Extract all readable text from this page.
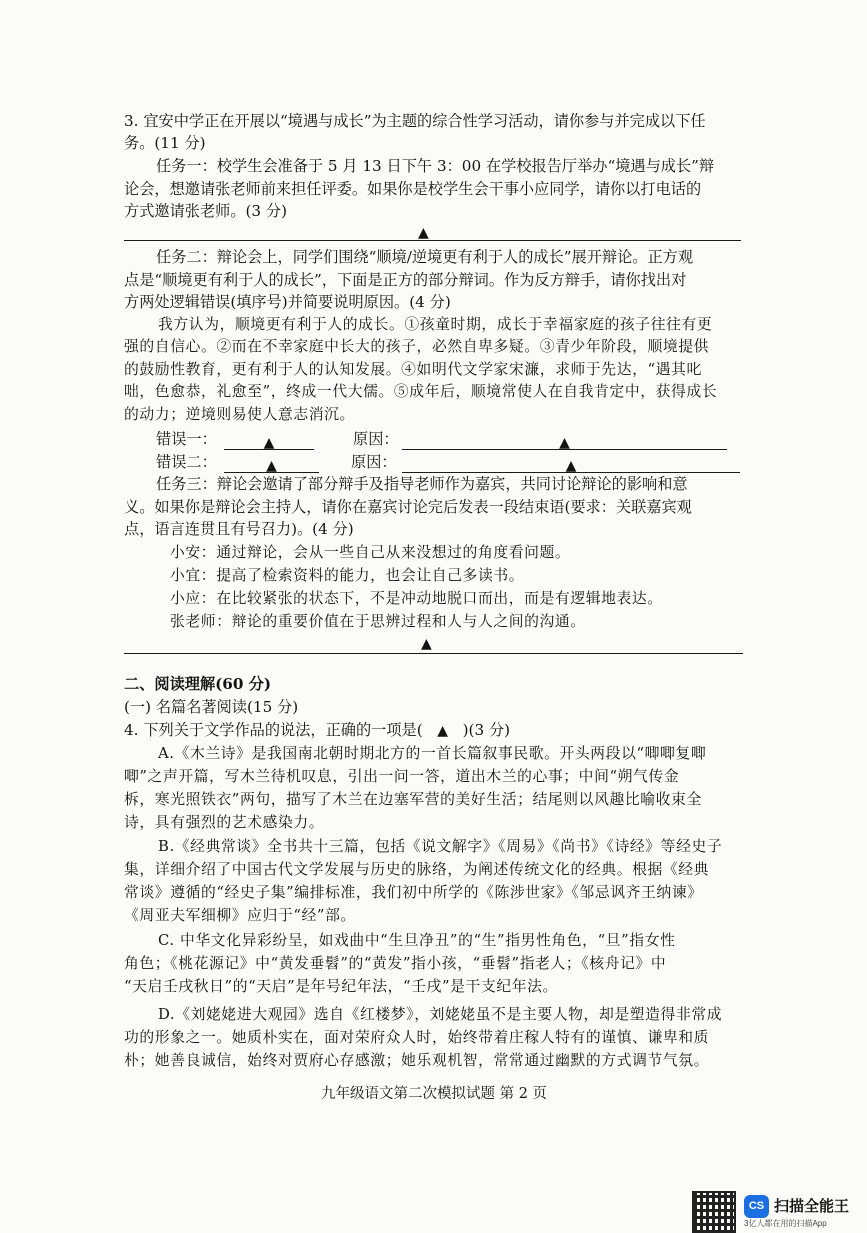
3. 宜安中学正在开展以“境遇与成长”为主题的综合性学习活动，请你参与并完成以下任
务。(11 分)
任务一：校学生会准备于 5 月 13 日下午 3：00 在学校报告厅举办“境遇与成长”辩
论会，想邀请张老师前来担任评委。如果你是校学生会干事小应同学，请你以打电话的
方式邀请张老师。(3 分)
▲
任务二：辩论会上，同学们围绕“顺境/逆境更有利于人的成长”展开辩论。正方观
点是“顺境更有利于人的成长”，下面是正方的部分辩词。作为反方辩手，请你找出对
方两处逻辑错误(填序号)并简要说明原因。(4 分)
我方认为，顺境更有利于人的成长。①孩童时期，成长于幸福家庭的孩子往往有更
强的自信心。②而在不幸家庭中长大的孩子，必然自卑多疑。③青少年阶段，顺境提供
的鼓励性教育，更有利于人的认知发展。④如明代文学家宋濂，求师于先达，“遇其叱
咄，色愈恭，礼愈至”，终成一代大儒。⑤成年后，顺境常使人在自我肯定中，获得成长
的动力；逆境则易使人意志消沉。
错误一：	▲	原因：	▲
错误二：	▲	原因：	▲
任务三：辩论会邀请了部分辩手及指导老师作为嘉宾，共同讨论辩论的影响和意
义。如果你是辩论会主持人，请你在嘉宾讨论完后发表一段结束语(要求：关联嘉宾观
点，语言连贯且有号召力)。(4 分)
小安：通过辩论，会从一些自己从来没想过的角度看问题。
小宜：提高了检索资料的能力，也会让自己多读书。
小应：在比较紧张的状态下，不是冲动地脱口而出，而是有逻辑地表达。
张老师：辩论的重要价值在于思辨过程和人与人之间的沟通。
▲
二、阅读理解(60 分)
(一) 名篇名著阅读(15 分)
4. 下列关于文学作品的说法，正确的一项是( ▲ )(3 分)
A.《木兰诗》是我国南北朝时期北方的一首长篇叙事民歌。开头两段以“唧唧复唧
唧”之声开篇，写木兰待机叹息，引出一问一答，道出木兰的心事；中间“朔气传金
柝，寒光照铁衣”两句，描写了木兰在边塞军营的美好生活；结尾则以风趣比喻收束全
诗，具有强烈的艺术感染力。
B.《经典常谈》全书共十三篇，包括《说文解字》《周易》《尚书》《诗经》等经史子
集，详细介绍了中国古代文学发展与历史的脉络，为阐述传统文化的经典。根据《经典
常谈》遵循的“经史子集”编排标准，我们初中所学的《陈涉世家》《邹忌讽齐王纳谏》
《周亚夫军细柳》应归于“经”部。
C. 中华文化异彩纷呈，如戏曲中“生旦净丑”的“生”指男性角色，“旦”指女性
角色；《桃花源记》中“黄发垂髫”的“黄发”指小孩，“垂髫”指老人；《核舟记》中
“天启壬戌秋日”的“天启”是年号纪年法，“壬戌”是干支纪年法。
D.《刘姥姥进大观园》选自《红楼梦》，刘姥姥虽不是主要人物，却是塑造得非常成
功的形象之一。她质朴实在，面对荣府众人时，始终带着庄稼人特有的谨慎、谦卑和质
朴；她善良诚信，始终对贾府心存感激；她乐观机智，常常通过幽默的方式调节气氛。
九年级语文第二次模拟试题 第 2 页
CS 扫描全能王
3亿人都在用的扫描App
